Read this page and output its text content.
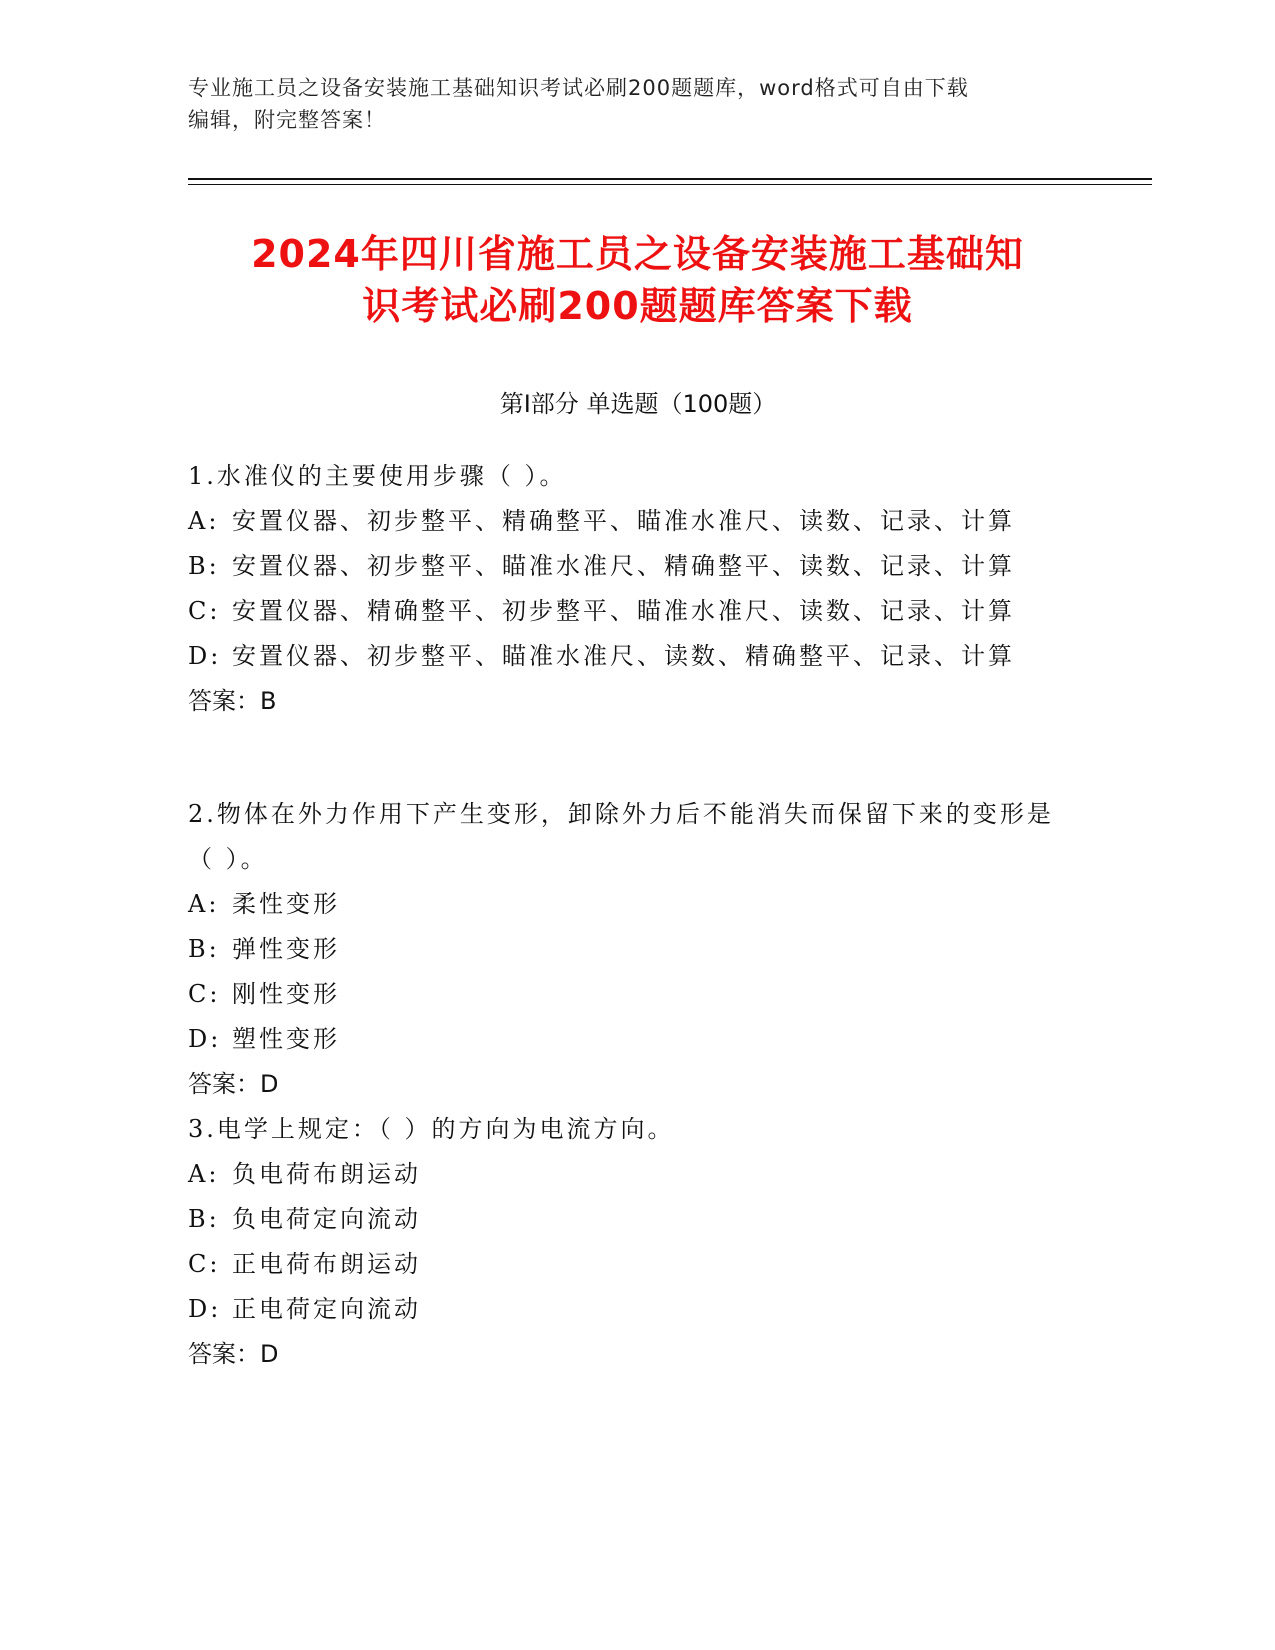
专业施工员之设备安装施工基础知识考试必刷200题题库，word格式可自由下载
编辑，附完整答案！
2024年四川省施工员之设备安装施工基础知
识考试必刷200题题库答案下载
第Ⅰ部分 单选题（100题）
1.水准仪的主要使用步骤（ ）。
A: 安置仪器、初步整平、精确整平、瞄准水准尺、读数、记录、计算
B: 安置仪器、初步整平、瞄准水准尺、精确整平、读数、记录、计算
C: 安置仪器、精确整平、初步整平、瞄准水准尺、读数、记录、计算
D: 安置仪器、初步整平、瞄准水准尺、读数、精确整平、记录、计算
答案：B
2.物体在外力作用下产生变形，卸除外力后不能消失而保留下来的变形是（ ）。
A: 柔性变形
B: 弹性变形
C: 刚性变形
D: 塑性变形
答案：D
3.电学上规定：（ ）的方向为电流方向。
A: 负电荷布朗运动
B: 负电荷定向流动
C: 正电荷布朗运动
D: 正电荷定向流动
答案：D
